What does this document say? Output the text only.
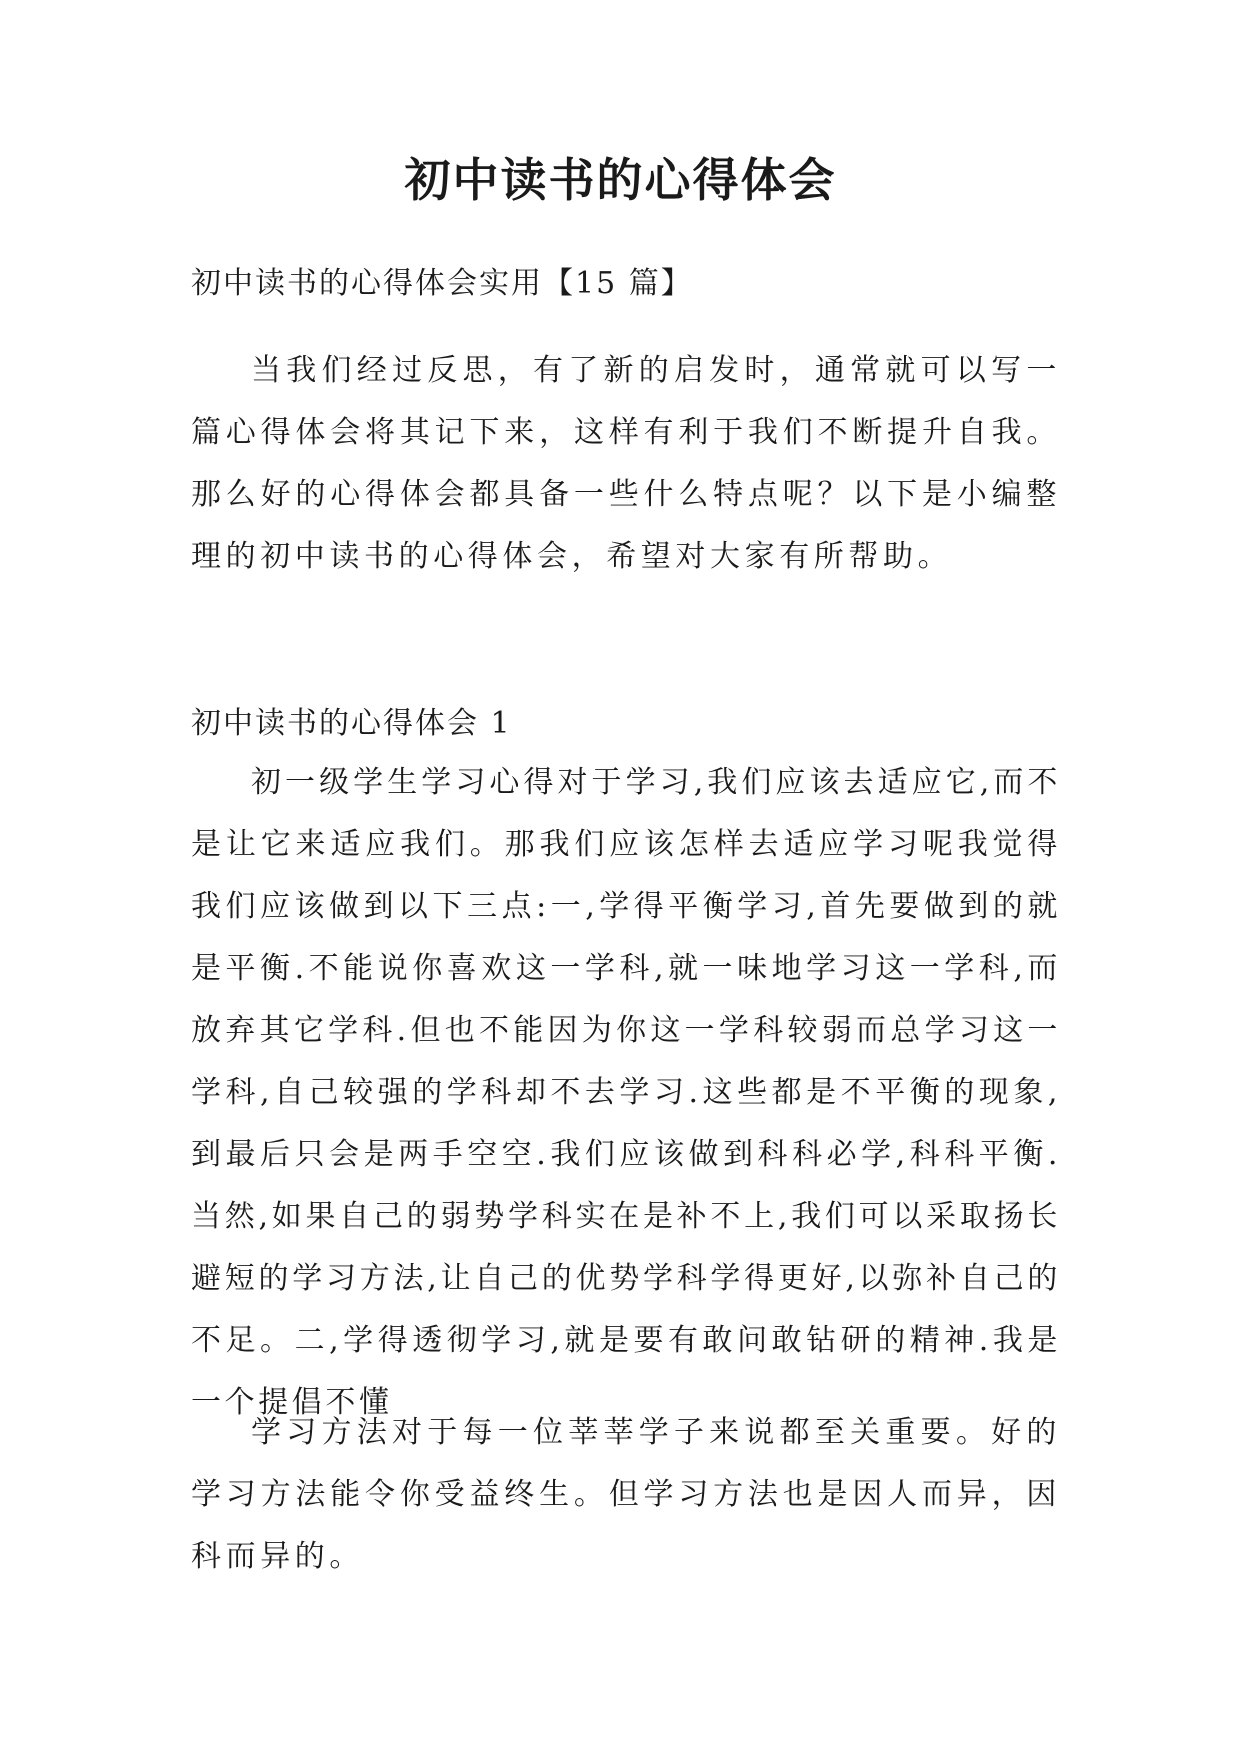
初中读书的心得体会

初中读书的心得体会实用【15 篇】

当我们经过反思，有了新的启发时，通常就可以写一篇心得体会将其记下来，这样有利于我们不断提升自我。那么好的心得体会都具备一些什么特点呢？以下是小编整理的初中读书的心得体会，希望对大家有所帮助。

初中读书的心得体会 1

初一级学生学习心得对于学习,我们应该去适应它,而不是让它来适应我们。那我们应该怎样去适应学习呢我觉得我们应该做到以下三点:一,学得平衡学习,首先要做到的就是平衡.不能说你喜欢这一学科,就一味地学习这一学科,而放弃其它学科.但也不能因为你这一学科较弱而总学习这一学科,自己较强的学科却不去学习.这些都是不平衡的现象,到最后只会是两手空空.我们应该做到科科必学,科科平衡.当然,如果自己的弱势学科实在是补不上,我们可以采取扬长避短的学习方法,让自己的优势学科学得更好,以弥补自己的不足。二,学得透彻学习,就是要有敢问敢钻研的精神.我是一个提倡不懂

学习方法对于每一位莘莘学子来说都至关重要。好的学习方法能令你受益终生。但学习方法也是因人而异，因科而异的。
